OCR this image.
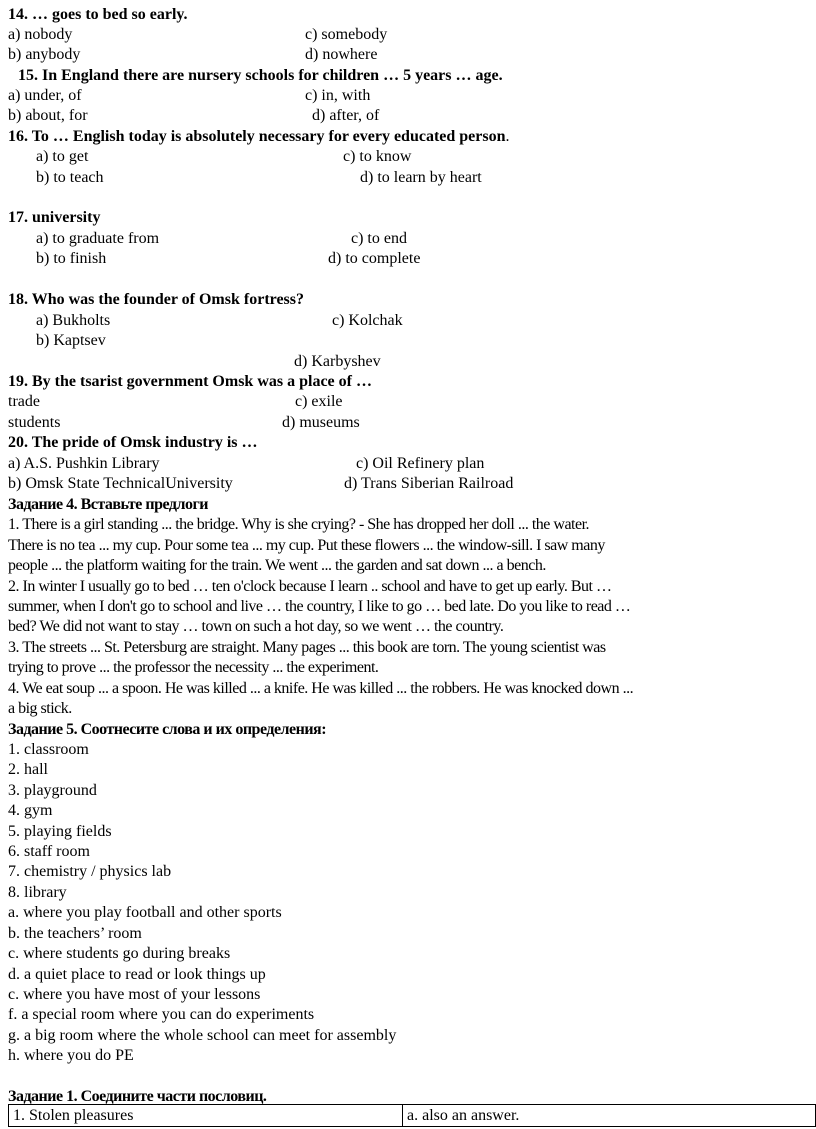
14. … goes to bed so early.
a) nobody	c) somebody
b) anybody	d) nowhere
15. In England there are nursery schools for children … 5 years … age.
a) under, of	c) in, with
b) about, for	d) after, of
16. To … English today is absolutely necessary for every educated person.
a) to get	c) to know
b) to teach	d) to learn by heart
17. university
a) to graduate from	c) to end
b) to finish	d) to complete
18. Who was the founder of Omsk fortress?
a) Bukholts	c) Kolchak
b) Kaptsev
d) Karbyshev
19. By the tsarist government Omsk was a place of …
trade	c) exile
students	d) museums
20. The pride of Omsk industry is …
a) A.S. Pushkin Library	c) Oil Refinery plan
b) Omsk State TechnicalUniversity	d) Trans Siberian Railroad
Задание 4. Вставьте предлоги
1. There is a girl standing ... the bridge. Why is she crying? - She has dropped her doll ... the water.
There is no tea ... my cup. Pour some tea ... my cup. Put these flowers ... the window-sill. I saw many
people ... the platform waiting for the train. We went ... the garden and sat down ... a bench.
2. In winter I usually go to bed … ten o'clock because I learn .. school and have to get up early. But …
summer, when I don't go to school and live … the country, I like to go … bed late. Do you like to read …
bed? We did not want to stay … town on such a hot day, so we went … the country.
3. The streets ... St. Petersburg are straight. Many pages ... this book are torn. The young scientist was
trying to prove ... the professor the necessity ... the experiment.
4. We eat soup ... a spoon. He was killed ... a knife. He was killed ... the robbers. He was knocked down ...
a big stick.
Задание 5. Соотнесите слова и их определения:
1. classroom
2. hall
3. playground
4. gym
5. playing fields
6. staff room
7. chemistry / physics lab
8. library
a. where you play football and other sports
b. the teachers’ room
c. where students go during breaks
d. a quiet place to read or look things up
c. where you have most of your lessons
f. a special room where you can do experiments
g. a big room where the whole school can meet for assembly
h. where you do PE
Задание 1. Соедините части пословиц.
1. Stolen pleasures	a. also an answer.
